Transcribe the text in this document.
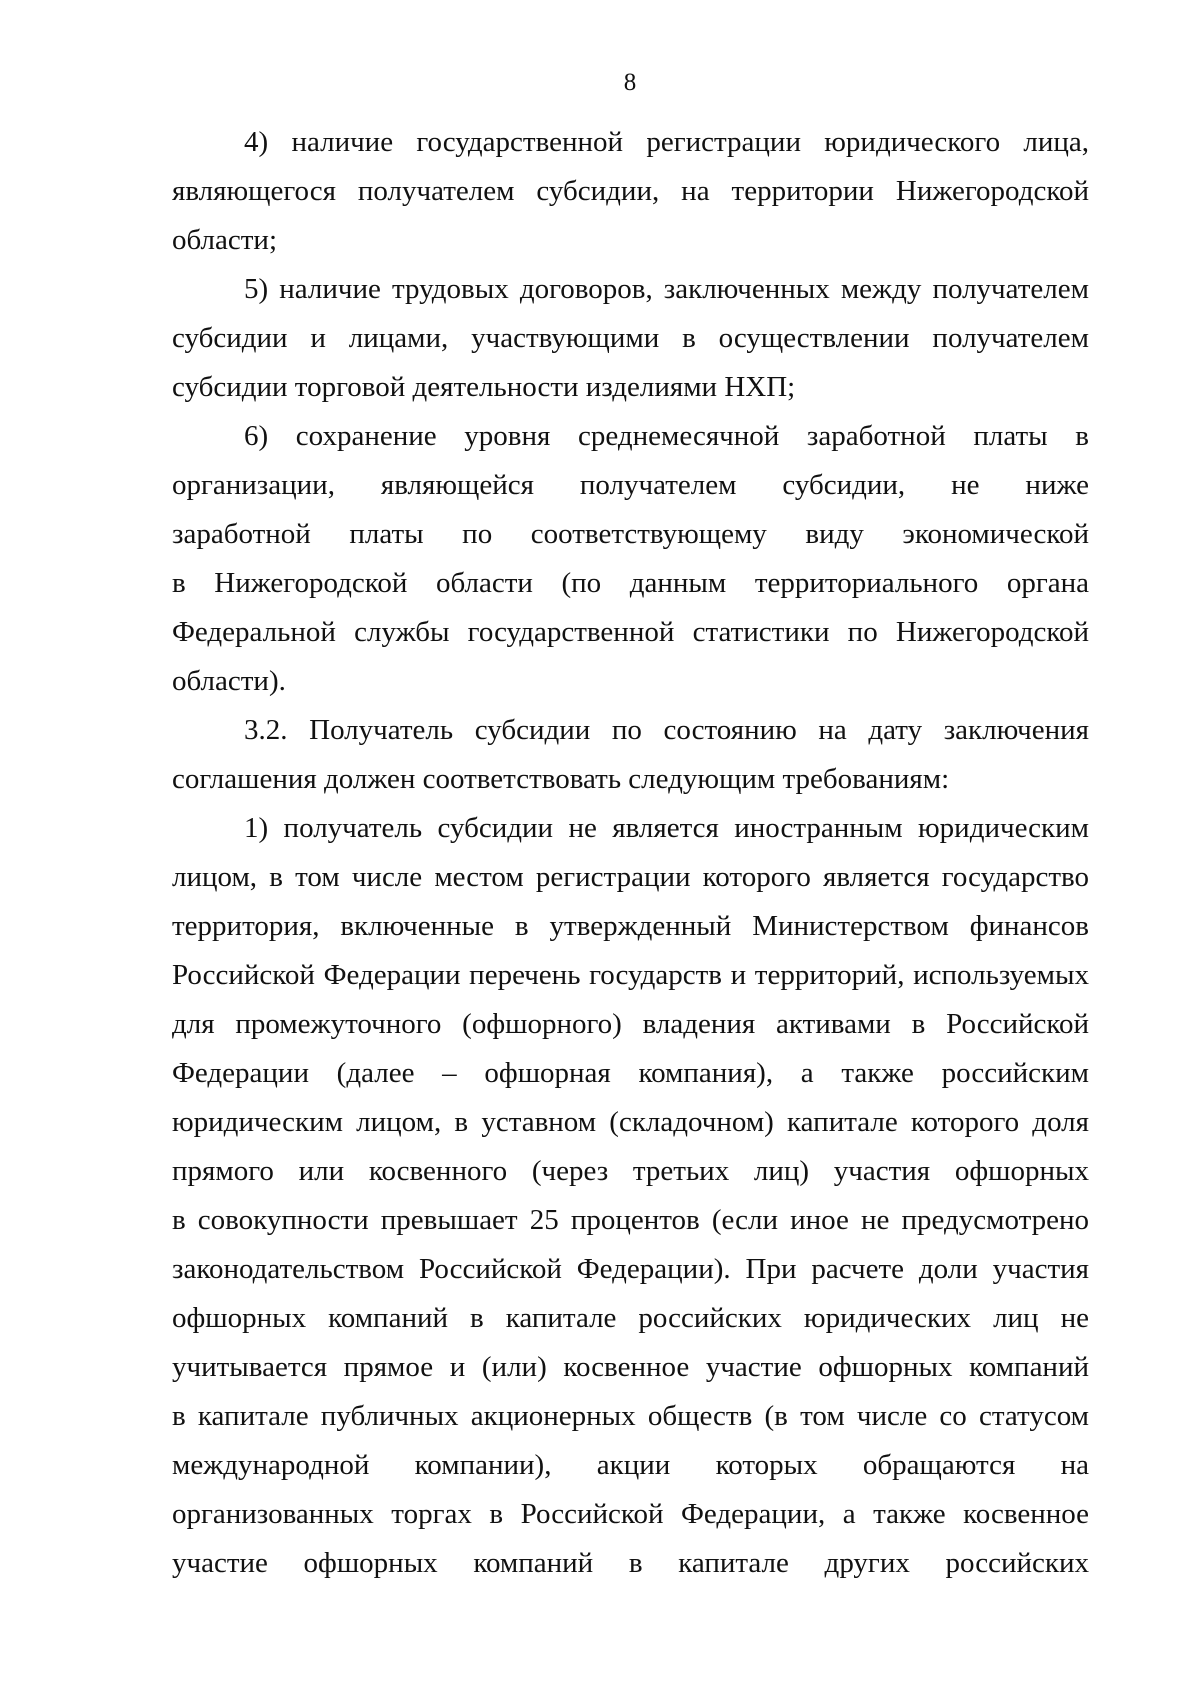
8
4) наличие государственной регистрации юридического лица,
являющегося получателем субсидии, на территории Нижегородской
области;
5) наличие трудовых договоров, заключенных между получателем
субсидии и лицами, участвующими в осуществлении получателем
субсидии торговой деятельности изделиями НХП;
6) сохранение уровня среднемесячной заработной платы в
организации, являющейся получателем субсидии, не ниже
заработной платы по соответствующему виду экономической
в Нижегородской области (по данным территориального органа
Федеральной службы государственной статистики по Нижегородской
области).
3.2. Получатель субсидии по состоянию на дату заключения
соглашения должен соответствовать следующим требованиям:
1) получатель субсидии не является иностранным юридическим
лицом, в том числе местом регистрации которого является государство
территория, включенные в утвержденный Министерством финансов
Российской Федерации перечень государств и территорий, используемых
для промежуточного (офшорного) владения активами в Российской
Федерации (далее – офшорная компания), а также российским
юридическим лицом, в уставном (складочном) капитале которого доля
прямого или косвенного (через третьих лиц) участия офшорных
в совокупности превышает 25 процентов (если иное не предусмотрено
законодательством Российской Федерации). При расчете доли участия
офшорных компаний в капитале российских юридических лиц не
учитывается прямое и (или) косвенное участие офшорных компаний
в капитале публичных акционерных обществ (в том числе со статусом
международной компании), акции которых обращаются на
организованных торгах в Российской Федерации, а также косвенное
участие офшорных компаний в капитале других российских
